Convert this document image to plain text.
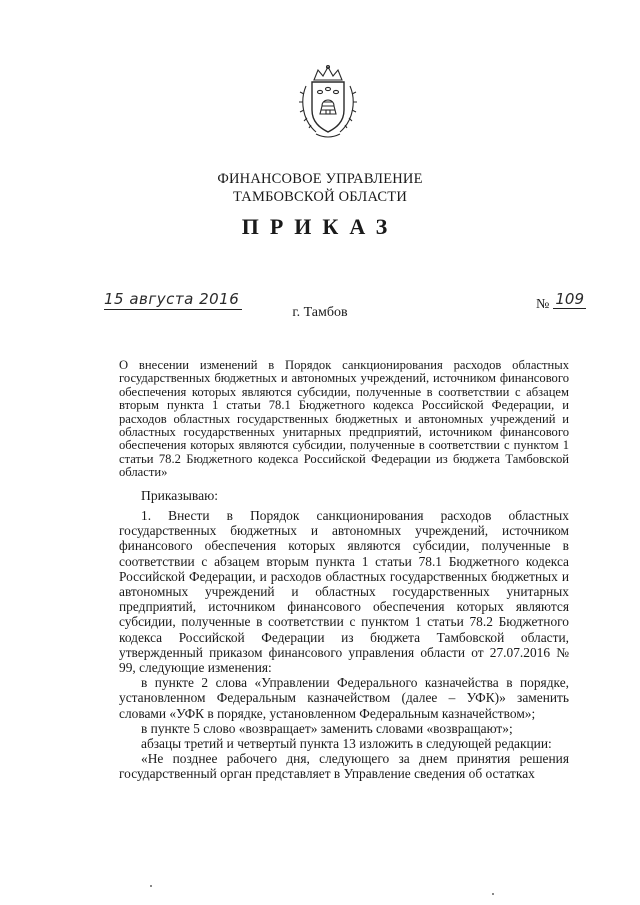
ФИНАНСОВОЕ УПРАВЛЕНИЕ
ТАМБОВСКОЙ ОБЛАСТИ
ПРИКАЗ
15 августа 2016
г. Тамбов
№ 109
О внесении изменений в Порядок санкционирования расходов областных государственных бюджетных и автономных учреждений, источником финансового обеспечения которых являются субсидии, полученные в соответствии с абзацем вторым пункта 1 статьи 78.1 Бюджетного кодекса Российской Федерации, и расходов областных государственных бюджетных и автономных учреждений и областных государственных унитарных предприятий, источником финансового обеспечения которых являются субсидии, полученные в соответствии с пунктом 1 статьи 78.2 Бюджетного кодекса Российской Федерации из бюджета Тамбовской области»
Приказываю:

1. Внести в Порядок санкционирования расходов областных государственных бюджетных и автономных учреждений, источником финансового обеспечения которых являются субсидии, полученные в соответствии с абзацем вторым пункта 1 статьи 78.1 Бюджетного кодекса Российской Федерации, и расходов областных государственных бюджетных и автономных учреждений и областных государственных унитарных предприятий, источником финансового обеспечения которых являются субсидии, полученные в соответствии с пунктом 1 статьи 78.2 Бюджетного кодекса Российской Федерации из бюджета Тамбовской области, утвержденный приказом финансового управления области от 27.07.2016 № 99, следующие изменения:

в пункте 2 слова «Управлении Федерального казначейства в порядке, установленном Федеральным казначейством (далее – УФК)» заменить словами «УФК в порядке, установленном Федеральным казначейством»;

в пункте 5 слово «возвращает» заменить словами «возвращают»;

абзацы третий и четвертый пункта 13 изложить в следующей редакции:

«Не позднее рабочего дня, следующего за днем принятия решения государственный орган представляет в Управление сведения об остатках
